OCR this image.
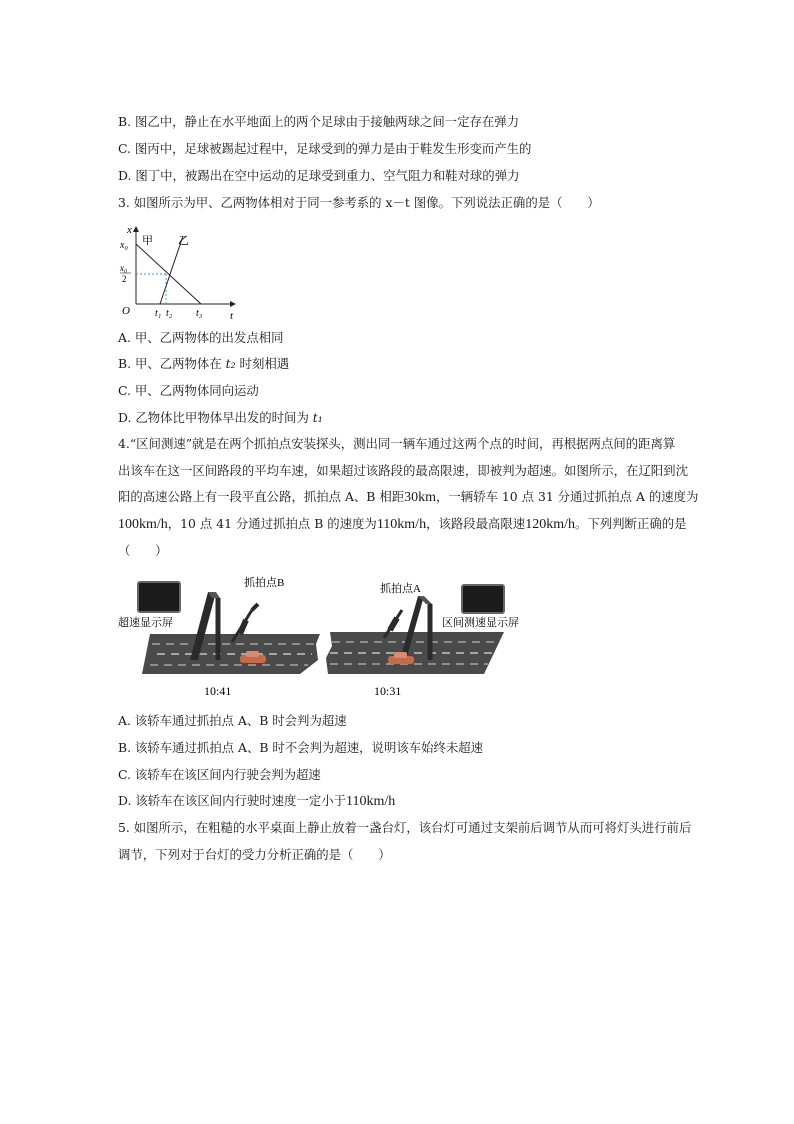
B. 图乙中，静止在水平地面上的两个足球由于接触两球之间一定存在弹力
C. 图丙中，足球被踢起过程中，足球受到的弹力是由于鞋发生形变而产生的
D. 图丁中，被踢出在空中运动的足球受到重力、空气阻力和鞋对球的弹力
3. 如图所示为甲、乙两物体相对于同一参考系的 x－t 图像。下列说法正确的是（　　）
x
t
O
x₀
x₀
2
甲 乙
t₁ t₂ t₃
A. 甲、乙两物体的出发点相同
B. 甲、乙两物体在 t₂ 时刻相遇
C. 甲、乙两物体同向运动
D. 乙物体比甲物体早出发的时间为 t₁
4.“区间测速”就是在两个抓拍点安装探头，测出同一辆车通过这两个点的时间，再根据两点间的距离算
出该车在这一区间路段的平均车速，如果超过该路段的最高限速，即被判为超速。如图所示，在辽阳到沈
阳的高速公路上有一段平直公路，抓拍点 A、B 相距30km，一辆轿车 10 点 31 分通过抓拍点 A 的速度为
100km/h，10 点 41 分通过抓拍点 B 的速度为110km/h，该路段最高限速120km/h。下列判断正确的是
（　　）
超速显示屏
抓拍点B
10:41
抓拍点A
区间测速显示屏
10:31
A. 该轿车通过抓拍点 A、B 时会判为超速
B. 该轿车通过抓拍点 A、B 时不会判为超速，说明该车始终未超速
C. 该轿车在该区间内行驶会判为超速
D. 该轿车在该区间内行驶时速度一定小于110km/h
5. 如图所示，在粗糙的水平桌面上静止放着一盏台灯，该台灯可通过支架前后调节从而可将灯头进行前后
调节，下列对于台灯的受力分析正确的是（　　）
